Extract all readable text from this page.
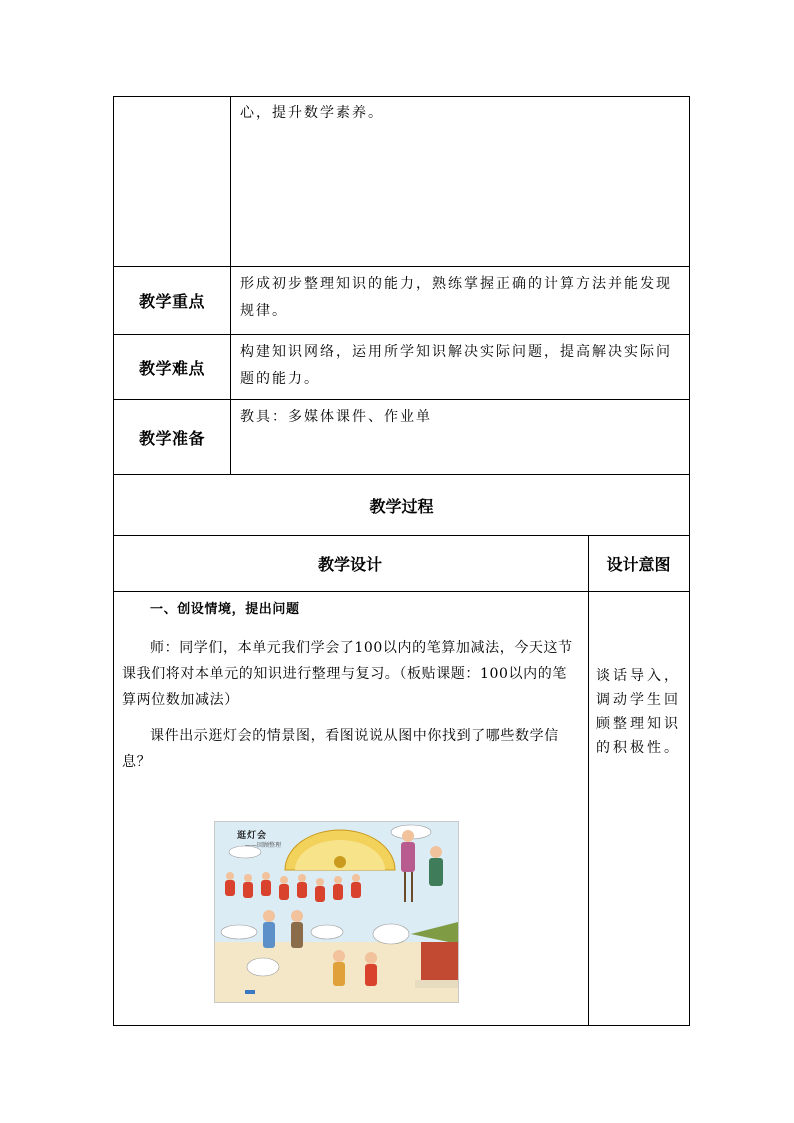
心，提升数学素养。
教学重点
形成初步整理知识的能力，熟练掌握正确的计算方法并能发现规律。
教学难点
构建知识网络，运用所学知识解决实际问题，提高解决实际问题的能力。
教学准备
教具：多媒体课件、作业单
教学过程
教学设计	设计意图

一、创设情境，提出问题

师：同学们，本单元我们学会了100以内的笔算加减法，今天这节课我们将对本单元的知识进行整理与复习。（板贴课题：100以内的笔算两位数加减法）

课件出示逛灯会的情景图，看图说说从图中你找到了哪些数学信息？

谈话导入，调动学生回顾整理知识的积极性。
逛灯会
——回顾整理
